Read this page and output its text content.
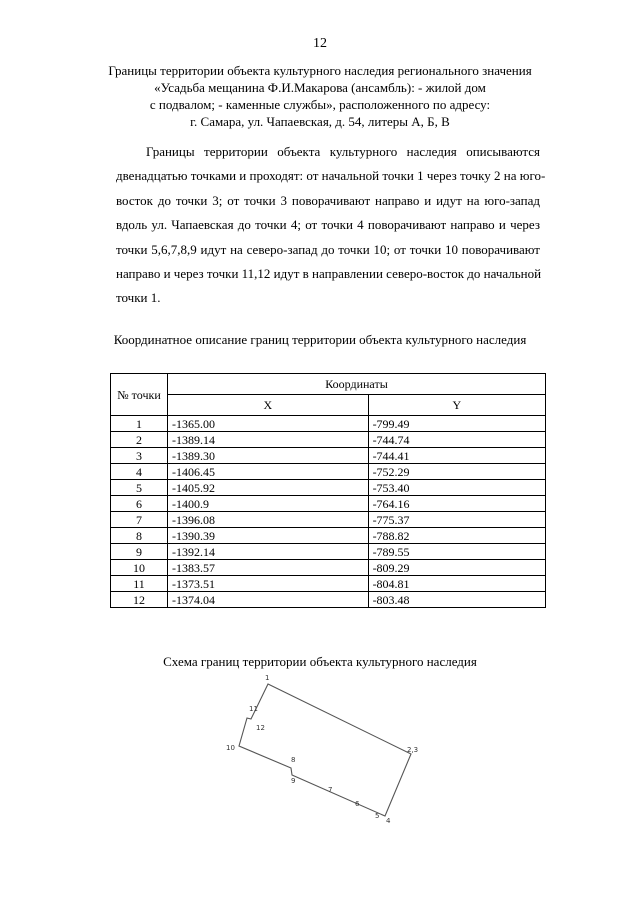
12
Границы территории объекта культурного наследия регионального значения
«Усадьба мещанина Ф.И.Макарова (ансамбль): - жилой дом
с подвалом; - каменные службы», расположенного по адресу:
г. Самара, ул. Чапаевская, д. 54, литеры А, Б, В
Границы территории объекта культурного наследия описываются
двенадцатью точками и проходят: от начальной точки 1 через точку 2 на юго-
восток до точки 3; от точки 3 поворачивают направо и идут на юго-запад
вдоль ул. Чапаевская до точки 4; от точки 4 поворачивают направо и через
точки 5,6,7,8,9 идут на северо-запад до точки 10; от точки 10 поворачивают
направо и через точки 11,12 идут в направлении северо-восток до начальной
точки 1.
Координатное описание границ территории объекта культурного наследия
№ точки	Координаты	
	X	Y
1	-1365.00	-799.49
2	-1389.14	-744.74
3	-1389.30	-744.41
4	-1406.45	-752.29
5	-1405.92	-753.40
6	-1400.9	-764.16
7	-1396.08	-775.37
8	-1390.39	-788.82
9	-1392.14	-789.55
10	-1383.57	-809.29
11	-1373.51	-804.81
12	-1374.04	-803.48
Схема границ территории объекта культурного наследия
1
11
12
10
8
9
7
6
5
4
2,3
